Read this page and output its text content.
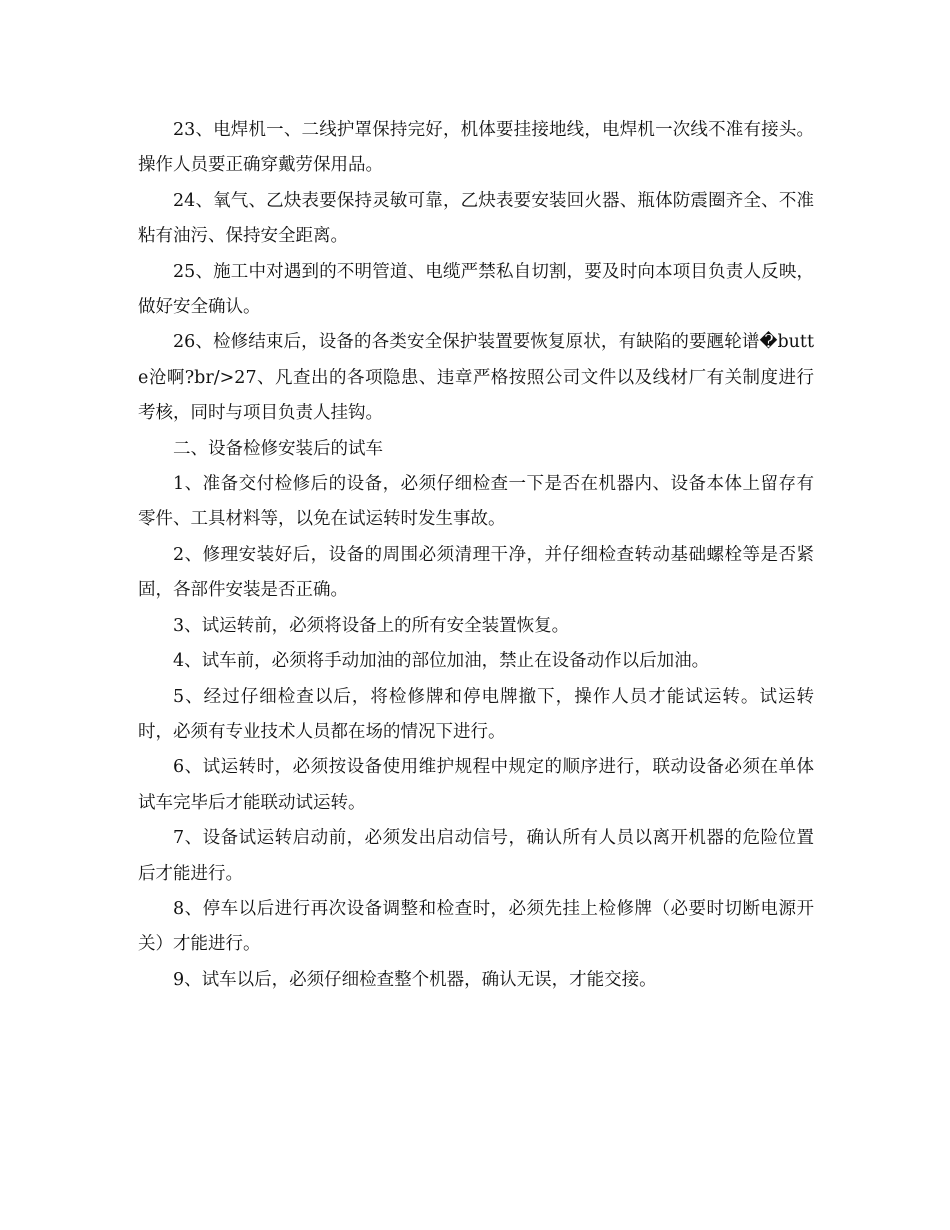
23、电焊机一、二线护罩保持完好，机体要挂接地线，电焊机一次线不准有接头。操作人员要正确穿戴劳保用品。

24、氧气、乙炔表要保持灵敏可靠，乙炔表要安装回火器、瓶体防震圈齐全、不准粘有油污、保持安全距离。

25、施工中对遇到的不明管道、电缆严禁私自切割，要及时向本项目负责人反映，做好安全确认。

26、检修结束后，设备的各类安全保护装置要恢复原状，有缺陷的要甅轮谱�butte沧啊?br/>27、凡查出的各项隐患、违章严格按照公司文件以及线材厂有关制度进行考核，同时与项目负责人挂钩。

二、设备检修安装后的试车

1、准备交付检修后的设备，必须仔细检查一下是否在机器内、设备本体上留存有零件、工具材料等，以免在试运转时发生事故。

2、修理安装好后，设备的周围必须清理干净，并仔细检查转动基础螺栓等是否紧固，各部件安装是否正确。

3、试运转前，必须将设备上的所有安全装置恢复。

4、试车前，必须将手动加油的部位加油，禁止在设备动作以后加油。

5、经过仔细检查以后，将检修牌和停电牌撤下，操作人员才能试运转。试运转时，必须有专业技术人员都在场的情况下进行。

6、试运转时，必须按设备使用维护规程中规定的顺序进行，联动设备必须在单体试车完毕后才能联动试运转。

7、设备试运转启动前，必须发出启动信号，确认所有人员以离开机器的危险位置后才能进行。

8、停车以后进行再次设备调整和检查时，必须先挂上检修牌（必要时切断电源开关）才能进行。

9、试车以后，必须仔细检查整个机器，确认无误，才能交接。
